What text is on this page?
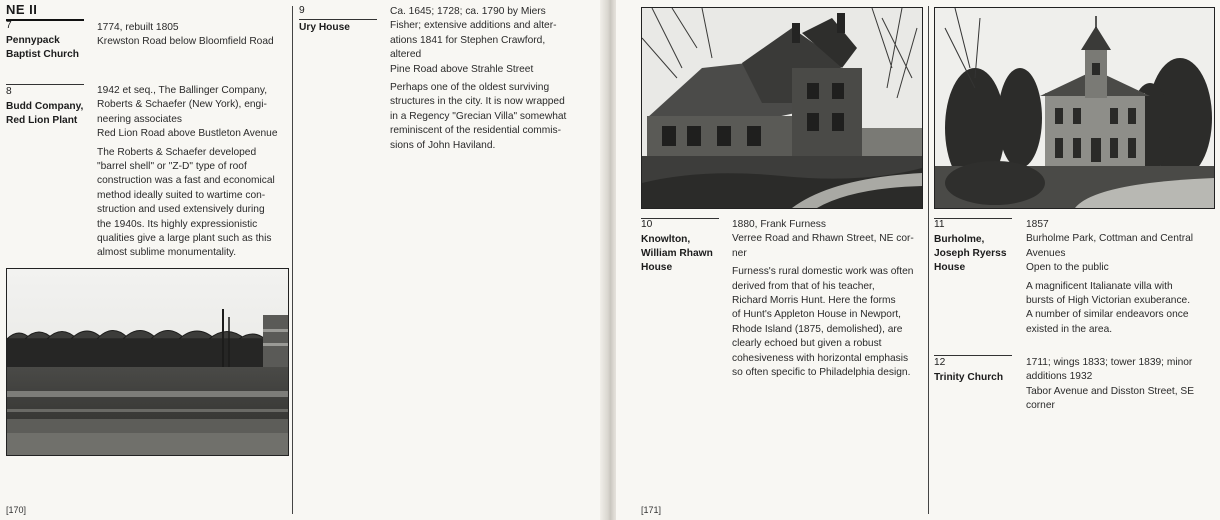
NE II
7
Pennypack
Baptist Church

1774, rebuilt 1805

Krewston Road below Bloomfield Road

8
Budd Company,
Red Lion Plant

1942 et seq., The Ballinger Company,

Roberts & Schaefer (New York), engi-

neering associates

Red Lion Road above Bustleton Avenue

The Roberts & Schaefer developed

"barrel shell" or "Z-D" type of roof

construction was a fast and economical

method ideally suited to wartime con-

struction and used extensively during

the 1940s. Its highly expressionistic

qualities give a large plant such as this

almost sublime monumentality.

9
Ury House

Ca. 1645; 1728; ca. 1790 by Miers

Fisher; extensive additions and alter-

ations 1841 for Stephen Crawford,

altered

Pine Road above Strahle Street

Perhaps one of the oldest surviving

structures in the city. It is now wrapped

in a Regency "Grecian Villa" somewhat

reminiscent of the residential commis-

sions of John Haviland.

[170]
10
Knowlton,
William Rhawn
House

1880, Frank Furness

Verree Road and Rhawn Street, NE cor-

ner

Furness's rural domestic work was often

derived from that of his teacher,

Richard Morris Hunt. Here the forms

of Hunt's Appleton House in Newport,

Rhode Island (1875, demolished), are

clearly echoed but given a robust

cohesiveness with horizontal emphasis

so often specific to Philadelphia design.

11
Burholme,
Joseph Ryerss
House

1857

Burholme Park, Cottman and Central

Avenues

Open to the public

A magnificent Italianate villa with

bursts of High Victorian exuberance.

A number of similar endeavors once

existed in the area.

12
Trinity Church

1711; wings 1833; tower 1839; minor

additions 1932

Tabor Avenue and Disston Street, SE

corner

[171]
